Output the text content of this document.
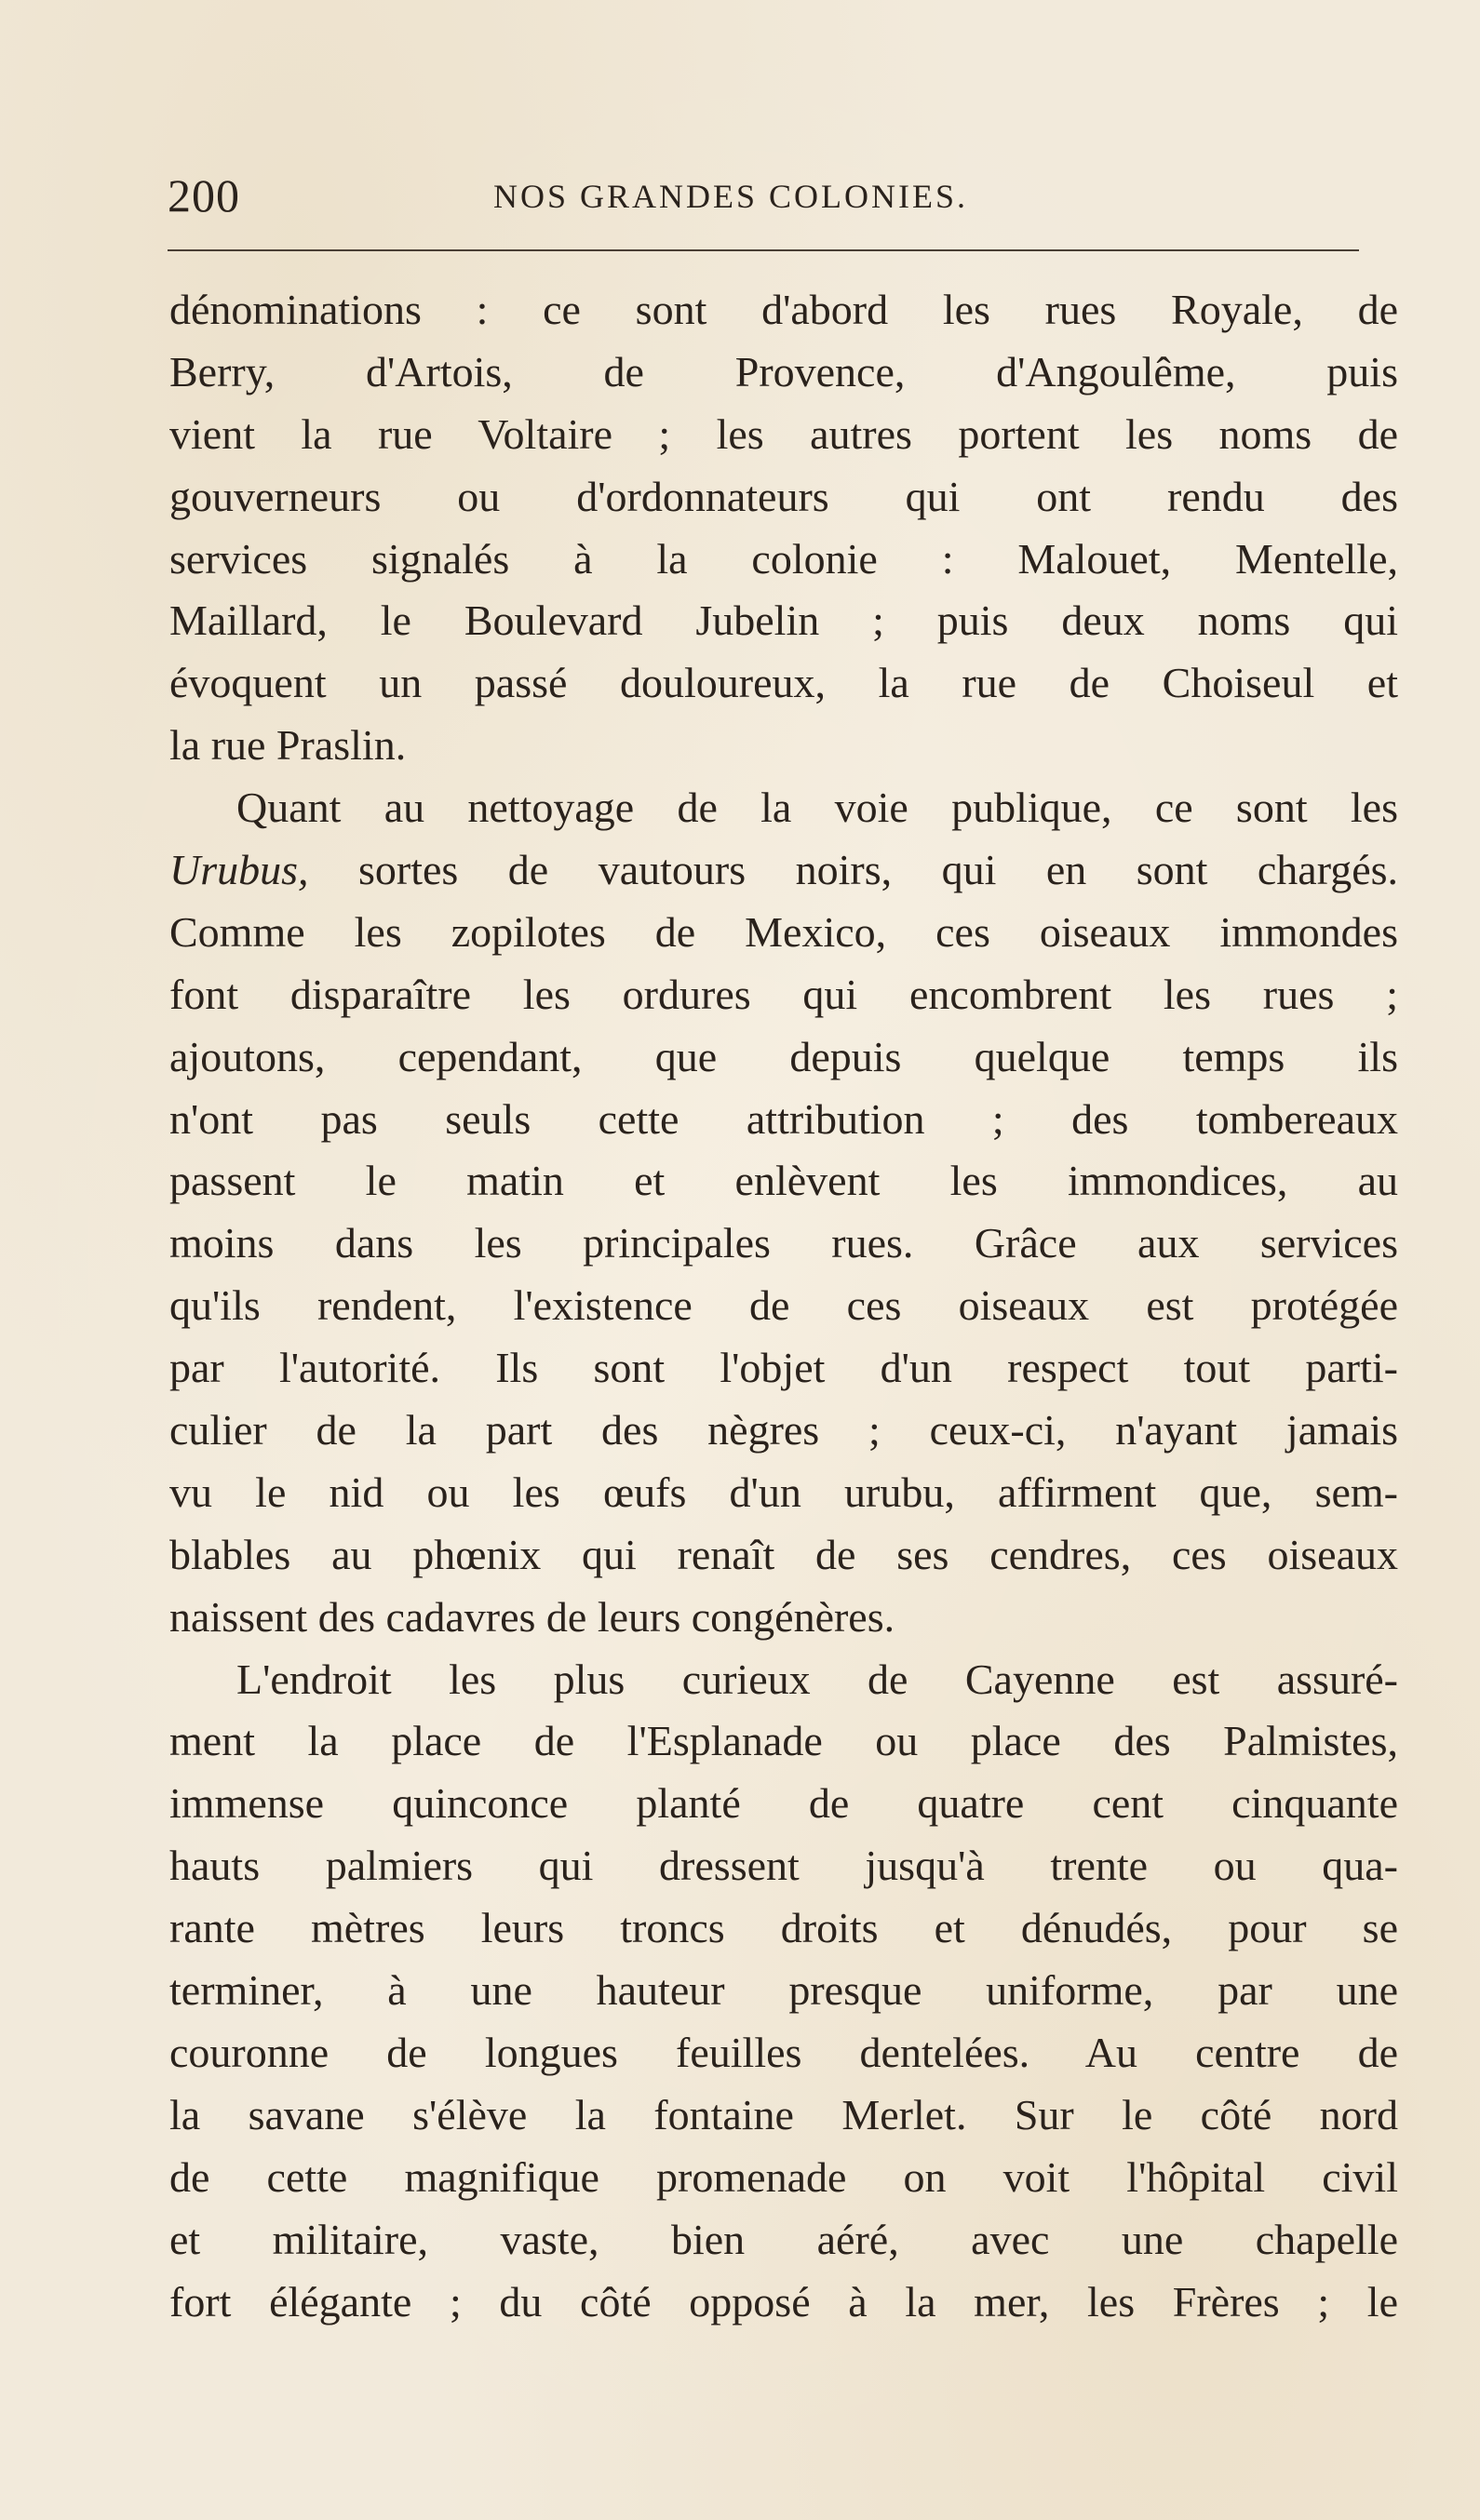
200	NOS GRANDES COLONIES.
dénominations : ce sont d'abord les rues Royale, de
Berry, d'Artois, de Provence, d'Angoulême, puis
vient la rue Voltaire ; les autres portent les noms de
gouverneurs ou d'ordonnateurs qui ont rendu des
services signalés à la colonie : Malouet, Mentelle,
Maillard, le Boulevard Jubelin ; puis deux noms qui
évoquent un passé douloureux, la rue de Choiseul et
la rue Praslin.
Quant au nettoyage de la voie publique, ce sont les
Urubus, sortes de vautours noirs, qui en sont chargés.
Comme les zopilotes de Mexico, ces oiseaux immondes
font disparaître les ordures qui encombrent les rues ;
ajoutons, cependant, que depuis quelque temps ils
n'ont pas seuls cette attribution ; des tombereaux
passent le matin et enlèvent les immondices, au
moins dans les principales rues. Grâce aux services
qu'ils rendent, l'existence de ces oiseaux est protégée
par l'autorité. Ils sont l'objet d'un respect tout parti-
culier de la part des nègres ; ceux-ci, n'ayant jamais
vu le nid ou les œufs d'un urubu, affirment que, sem-
blables au phœnix qui renaît de ses cendres, ces oiseaux
naissent des cadavres de leurs congénères.
L'endroit les plus curieux de Cayenne est assuré-
ment la place de l'Esplanade ou place des Palmistes,
immense quinconce planté de quatre cent cinquante
hauts palmiers qui dressent jusqu'à trente ou qua-
rante mètres leurs troncs droits et dénudés, pour se
terminer, à une hauteur presque uniforme, par une
couronne de longues feuilles dentelées. Au centre de
la savane s'élève la fontaine Merlet. Sur le côté nord
de cette magnifique promenade on voit l'hôpital civil
et militaire, vaste, bien aéré, avec une chapelle
fort élégante ; du côté opposé à la mer, les Frères ; le
